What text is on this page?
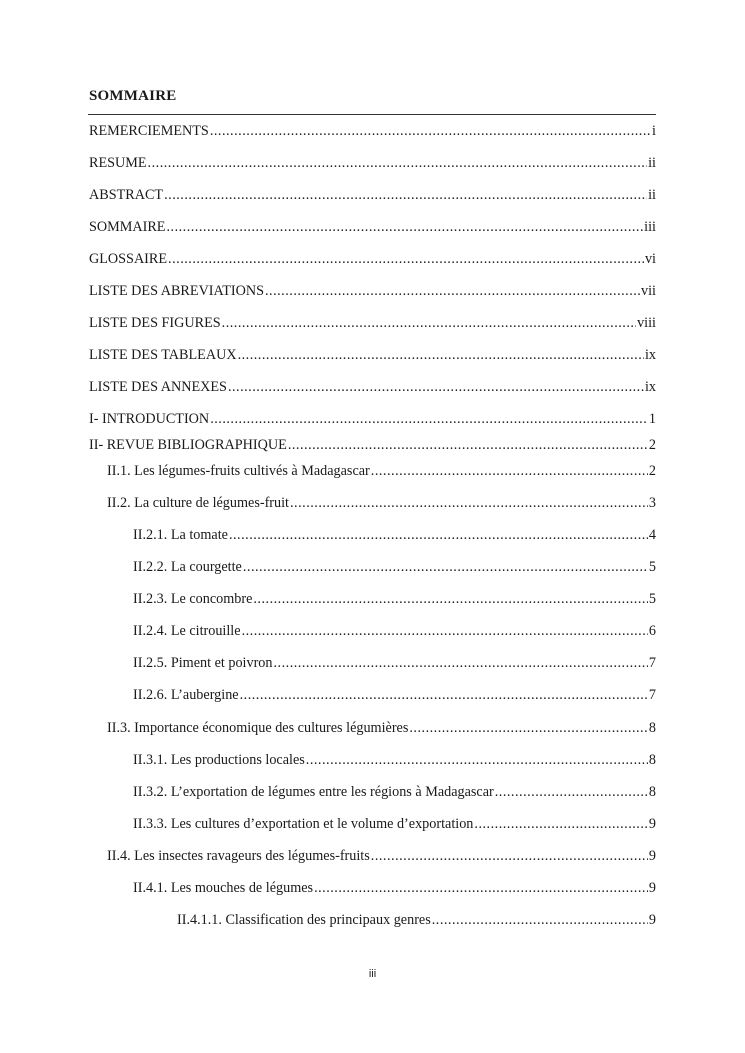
SOMMAIRE
REMERCIEMENTS .....	i
RESUME .....	ii
ABSTRACT .....	ii
SOMMAIRE .....	iii
GLOSSAIRE .....	vi
LISTE DES ABREVIATIONS .....	vii
LISTE DES FIGURES .....	viii
LISTE DES TABLEAUX .....	ix
LISTE DES ANNEXES .....	ix
I- INTRODUCTION .....	1
II- REVUE BIBLIOGRAPHIQUE .....	2
II.1. Les légumes-fruits cultivés à Madagascar .....	2
II.2. La culture de légumes-fruit .....	3
II.2.1. La tomate .....	4
II.2.2. La courgette .....	5
II.2.3. Le concombre .....	5
II.2.4. Le citrouille .....	6
II.2.5. Piment et poivron .....	7
II.2.6. L’aubergine .....	7
II.3. Importance économique des cultures légumières .....	8
II.3.1. Les productions locales .....	8
II.3.2. L’exportation de légumes entre les régions à Madagascar .....	8
II.3.3. Les cultures d’exportation et le volume d’exportation .....	9
II.4. Les insectes ravageurs des légumes-fruits .....	9
II.4.1. Les mouches de légumes .....	9
II.4.1.1. Classification des principaux genres .....	9
iii
